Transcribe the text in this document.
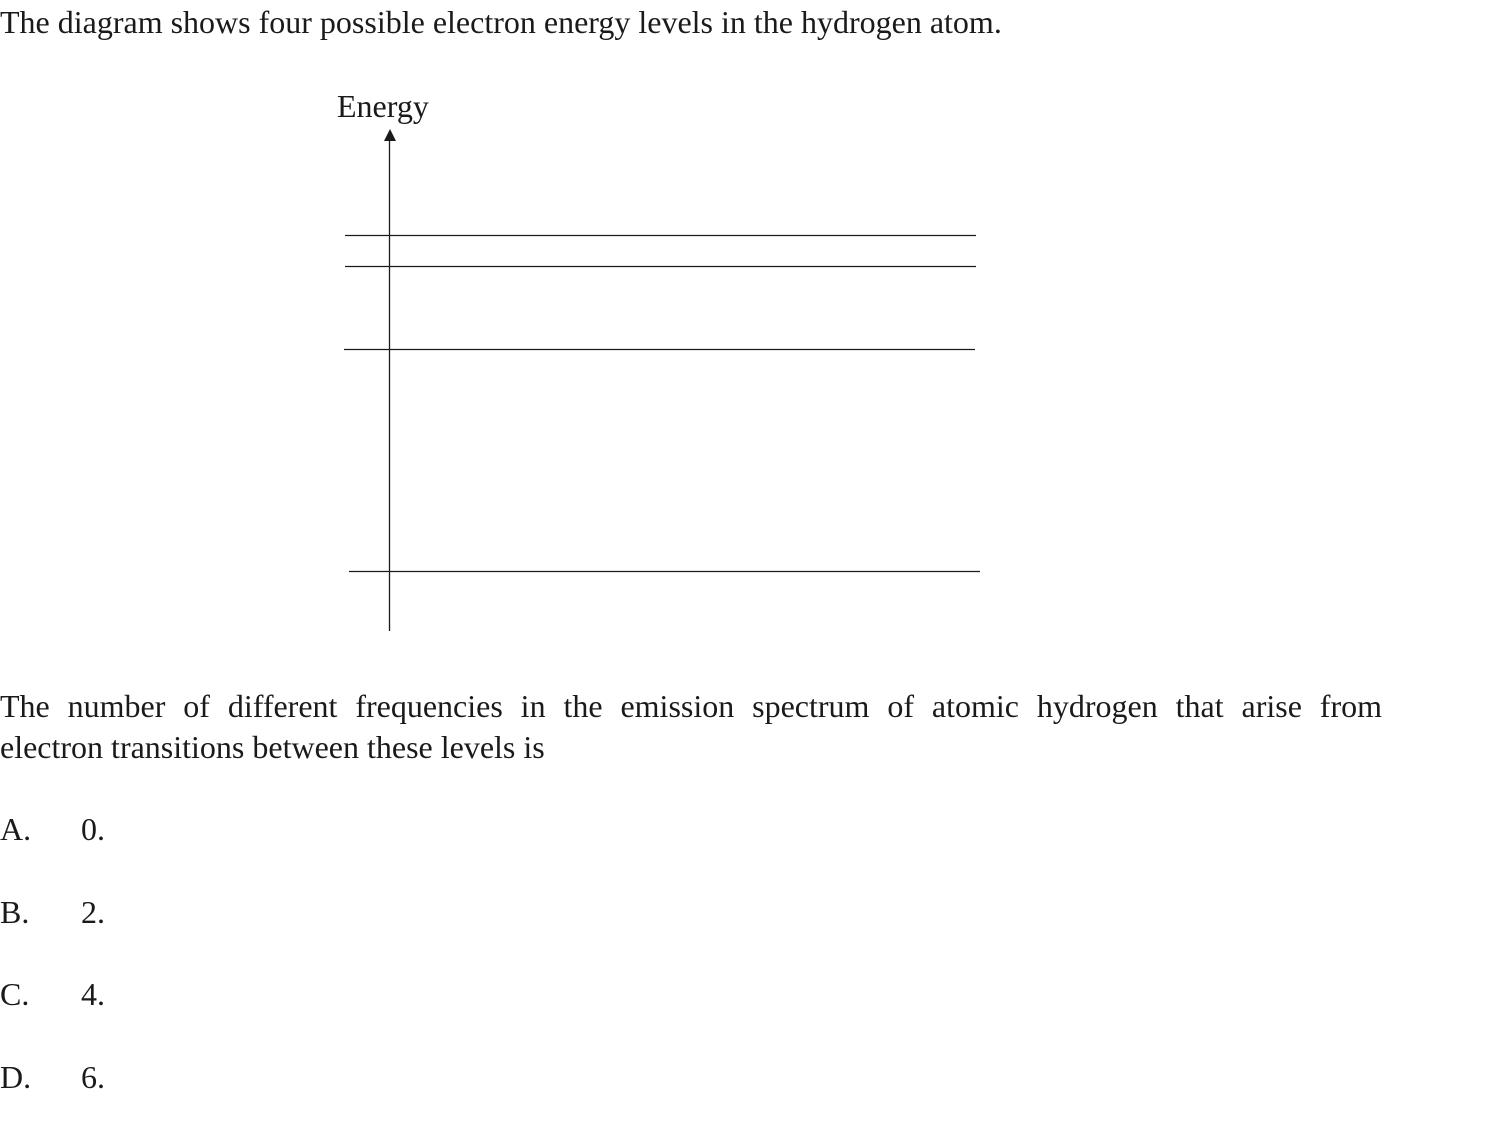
The diagram shows four possible electron energy levels in the hydrogen atom.

Energy

The number of different frequencies in the emission spectrum of atomic hydrogen that arise from
electron transitions between these levels is

A. 0.
B. 2.
C. 4.
D. 6.
